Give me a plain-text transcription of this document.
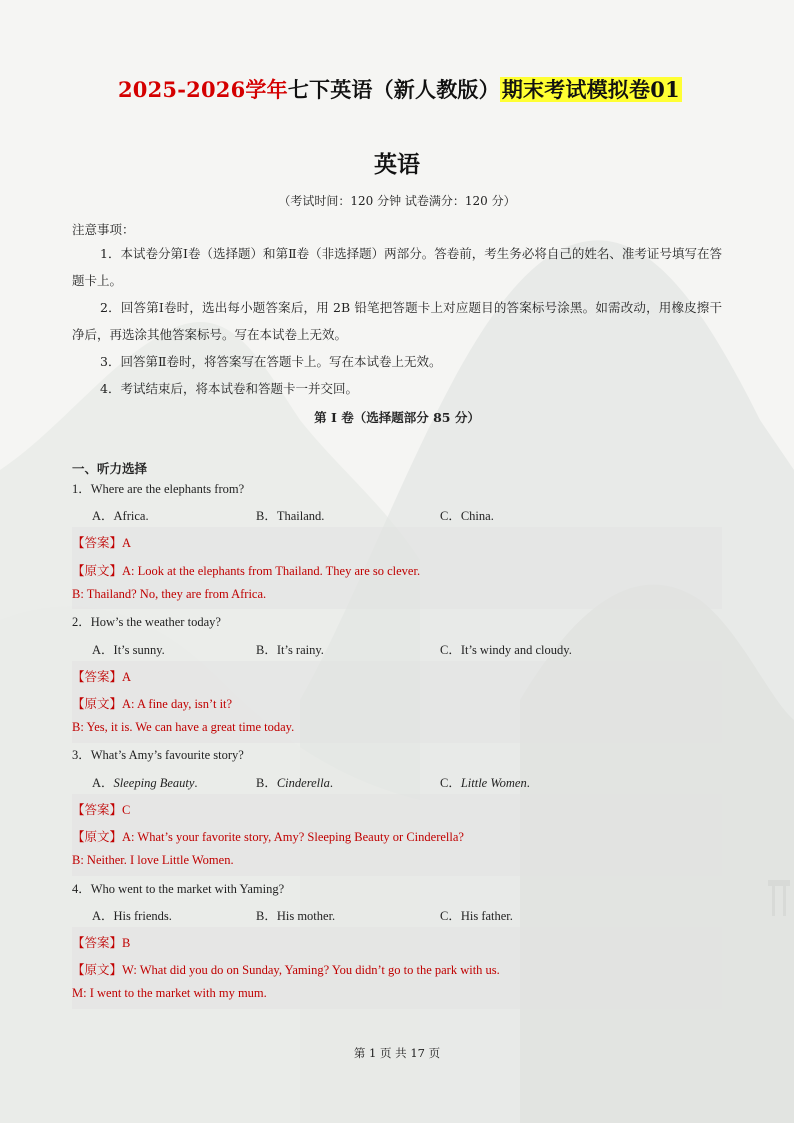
2025-2026学年七下英语（新人教版）期末考试模拟卷01
英语
（考试时间：120 分钟 试卷满分：120 分）
注意事项：
1．本试卷分第Ⅰ卷（选择题）和第Ⅱ卷（非选择题）两部分。答卷前，考生务必将自己的姓名、准考证号填写在答题卡上。
2．回答第Ⅰ卷时，选出每小题答案后，用 2B 铅笔把答题卡上对应题目的答案标号涂黑。如需改动，用橡皮擦干净后，再选涂其他答案标号。写在本试卷上无效。
3．回答第Ⅱ卷时，将答案写在答题卡上。写在本试卷上无效。
4．考试结束后，将本试卷和答题卡一并交回。
第 I 卷（选择题部分 85 分）
一、听力选择
1．Where are the elephants from?
A．Africa.	B．Thailand.	C．China.
【答案】A
【原文】A: Look at the elephants from Thailand. They are so clever.
B: Thailand? No, they are from Africa.
2．How’s the weather today?
A．It’s sunny.	B．It’s rainy.	C．It’s windy and cloudy.
【答案】A
【原文】A: A fine day, isn’t it?
B: Yes, it is. We can have a great time today.
3．What’s Amy’s favourite story?
A．Sleeping Beauty.	B．Cinderella.	C．Little Women.
【答案】C
【原文】A: What’s your favorite story, Amy? Sleeping Beauty or Cinderella?
B: Neither. I love Little Women.
4．Who went to the market with Yaming?
A．His friends.	B．His mother.	C．His father.
【答案】B
【原文】W: What did you do on Sunday, Yaming? You didn’t go to the park with us.
M: I went to the market with my mum.
第 1 页 共 17 页
